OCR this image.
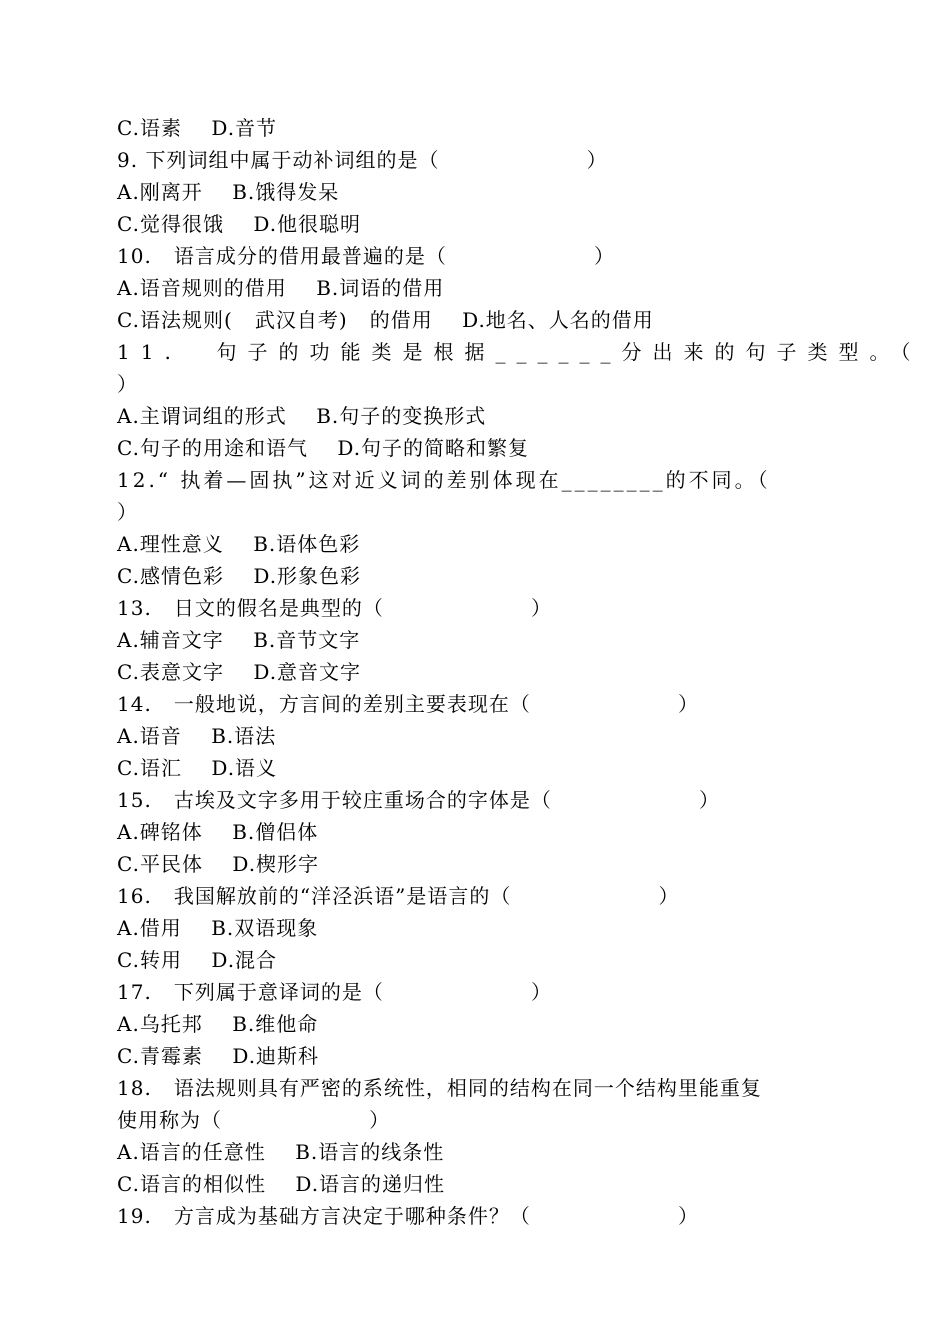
C.语素    D.音节
9. 下列词组中属于动补词组的是（                    ）
A.刚离开    B.饿得发呆
C.觉得很饿    D.他很聪明
10.   语言成分的借用最普遍的是（                    ）
A.语音规则的借用    B.词语的借用
C.语法规则(   武汉自考)   的借用    D.地名、人名的借用
11.  句子的功能类是根据______分出来的句子类型。（
）
A.主谓词组的形式    B.句子的变换形式
C.句子的用途和语气    D.句子的简略和繁复
12.“ 执着—固执”这对近义词的差别体现在________的不同。（
）
A.理性意义    B.语体色彩
C.感情色彩    D.形象色彩
13.   日文的假名是典型的（                    ）
A.辅音文字    B.音节文字
C.表意文字    D.意音文字
14.   一般地说，方言间的差别主要表现在（                    ）
A.语音    B.语法
C.语汇    D.语义
15.   古埃及文字多用于较庄重场合的字体是（                    ）
A.碑铭体    B.僧侣体
C.平民体    D.楔形字
16.   我国解放前的“洋泾浜语”是语言的（                    ）
A.借用    B.双语现象
C.转用    D.混合
17.   下列属于意译词的是（                    ）
A.乌托邦    B.维他命
C.青霉素    D.迪斯科
18.   语法规则具有严密的系统性，相同的结构在同一个结构里能重复
使用称为（                    ）
A.语言的任意性    B.语言的线条性
C.语言的相似性    D.语言的递归性
19.   方言成为基础方言决定于哪种条件？（                    ）
